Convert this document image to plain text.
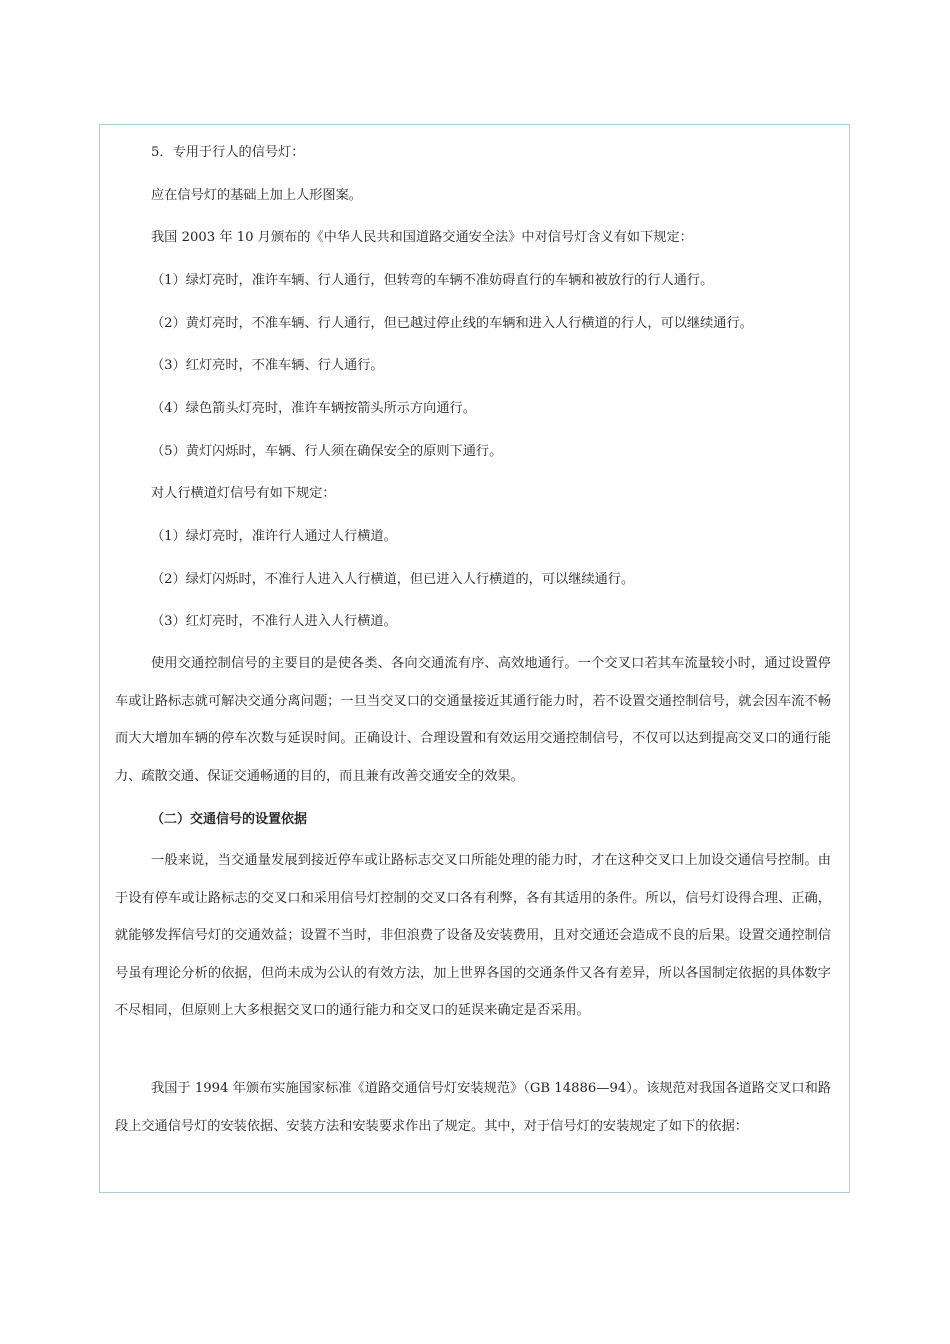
5．专用于行人的信号灯：

应在信号灯的基础上加上人形图案。

我国 2003 年 10 月颁布的《中华人民共和国道路交通安全法》中对信号灯含义有如下规定：

（1）绿灯亮时，准许车辆、行人通行，但转弯的车辆不准妨碍直行的车辆和被放行的行人通行。

（2）黄灯亮时，不准车辆、行人通行，但已越过停止线的车辆和进入人行横道的行人，可以继续通行。

（3）红灯亮时，不准车辆、行人通行。

（4）绿色箭头灯亮时，准许车辆按箭头所示方向通行。

（5）黄灯闪烁时，车辆、行人须在确保安全的原则下通行。

对人行横道灯信号有如下规定：

（1）绿灯亮时，准许行人通过人行横道。

（2）绿灯闪烁时，不准行人进入人行横道，但已进入人行横道的，可以继续通行。

（3）红灯亮时，不准行人进入人行横道。

使用交通控制信号的主要目的是使各类、各向交通流有序、高效地通行。一个交叉口若其车流量较小时，通过设置停车或让路标志就可解决交通分离问题；一旦当交叉口的交通量接近其通行能力时，若不设置交通控制信号，就会因车流不畅而大大增加车辆的停车次数与延误时间。正确设计、合理设置和有效运用交通控制信号，不仅可以达到提高交叉口的通行能力、疏散交通、保证交通畅通的目的，而且兼有改善交通安全的效果。

（二）交通信号的设置依据

一般来说，当交通量发展到接近停车或让路标志交叉口所能处理的能力时，才在这种交叉口上加设交通信号控制。由于设有停车或让路标志的交叉口和采用信号灯控制的交叉口各有利弊，各有其适用的条件。所以，信号灯设得合理、正确，就能够发挥信号灯的交通效益；设置不当时，非但浪费了设备及安装费用，且对交通还会造成不良的后果。设置交通控制信号虽有理论分析的依据，但尚未成为公认的有效方法，加上世界各国的交通条件又各有差异，所以各国制定依据的具体数字不尽相同，但原则上大多根据交叉口的通行能力和交叉口的延误来确定是否采用。

我国于 1994 年颁布实施国家标准《道路交通信号灯安装规范》（GB 14886—94）。该规范对我国各道路交叉口和路段上交通信号灯的安装依据、安装方法和安装要求作出了规定。其中，对于信号灯的安装规定了如下的依据：
